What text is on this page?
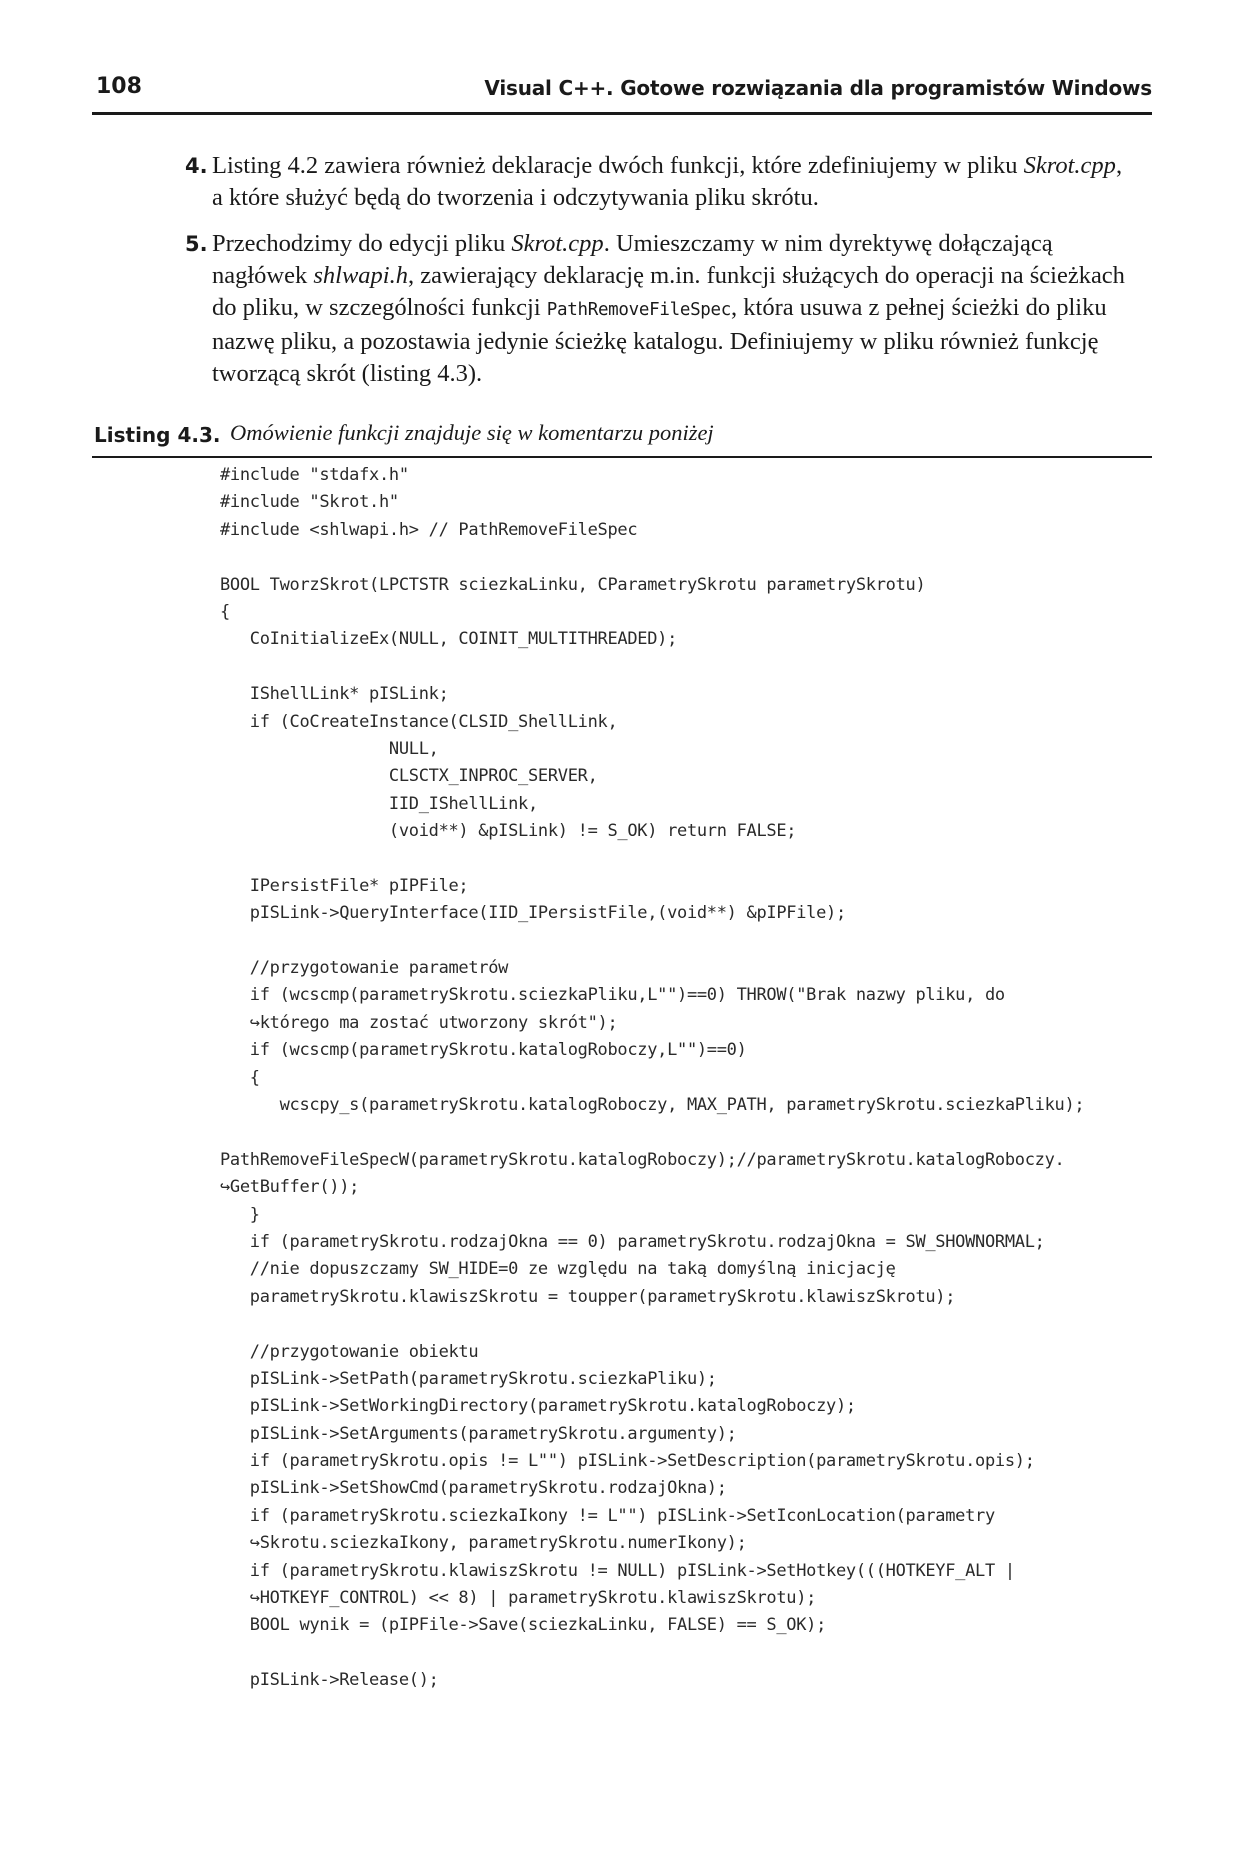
108	Visual C++. Gotowe rozwiązania dla programistów Windows
4. Listing 4.2 zawiera również deklaracje dwóch funkcji, które zdefiniujemy w pliku Skrot.cpp, a które służyć będą do tworzenia i odczytywania pliku skrótu.
5. Przechodzimy do edycji pliku Skrot.cpp. Umieszczamy w nim dyrektywę dołączającą nagłówek shlwapi.h, zawierający deklarację m.in. funkcji służących do operacji na ścieżkach do pliku, w szczególności funkcji PathRemoveFileSpec, która usuwa z pełnej ścieżki do pliku nazwę pliku, a pozostawia jedynie ścieżkę katalogu. Definiujemy w pliku również funkcję tworzącą skrót (listing 4.3).
Listing 4.3. Omówienie funkcji znajduje się w komentarzu poniżej
#include "stdafx.h"
#include "Skrot.h"
#include <shlwapi.h> // PathRemoveFileSpec
BOOL TworzSkrot(LPCTSTR sciezkaLinku, CParametrySkrotu parametrySkrotu)
{
CoInitializeEx(NULL, COINIT_MULTITHREADED);
IShellLink* pISLink;
if (CoCreateInstance(CLSID_ShellLink,
NULL,
CLSCTX_INPROC_SERVER,
IID_IShellLink,
(void**) &pISLink) != S_OK) return FALSE;
IPersistFile* pIPFile;
pISLink->QueryInterface(IID_IPersistFile,(void**) &pIPFile);
//przygotowanie parametrów
if (wcscmp(parametrySkrotu.sciezkaPliku,L"")==0) THROW("Brak nazwy pliku, do
↪którego ma zostać utworzony skrót");
if (wcscmp(parametrySkrotu.katalogRoboczy,L"")==0)
{
wcscpy_s(parametrySkrotu.katalogRoboczy, MAX_PATH, parametrySkrotu.sciezkaPliku);
PathRemoveFileSpecW(parametrySkrotu.katalogRoboczy);//parametrySkrotu.katalogRoboczy.
↪GetBuffer());
}
if (parametrySkrotu.rodzajOkna == 0) parametrySkrotu.rodzajOkna = SW_SHOWNORMAL;
//nie dopuszczamy SW_HIDE=0 ze względu na taką domyślną inicjację
parametrySkrotu.klawiszSkrotu = toupper(parametrySkrotu.klawiszSkrotu);
//przygotowanie obiektu
pISLink->SetPath(parametrySkrotu.sciezkaPliku);
pISLink->SetWorkingDirectory(parametrySkrotu.katalogRoboczy);
pISLink->SetArguments(parametrySkrotu.argumenty);
if (parametrySkrotu.opis != L"") pISLink->SetDescription(parametrySkrotu.opis);
pISLink->SetShowCmd(parametrySkrotu.rodzajOkna);
if (parametrySkrotu.sciezkaIkony != L"") pISLink->SetIconLocation(parametry
↪Skrotu.sciezkaIkony, parametrySkrotu.numerIkony);
if (parametrySkrotu.klawiszSkrotu != NULL) pISLink->SetHotkey(((HOTKEYF_ALT |
↪HOTKEYF_CONTROL) << 8) | parametrySkrotu.klawiszSkrotu);
BOOL wynik = (pIPFile->Save(sciezkaLinku, FALSE) == S_OK);
pISLink->Release();
